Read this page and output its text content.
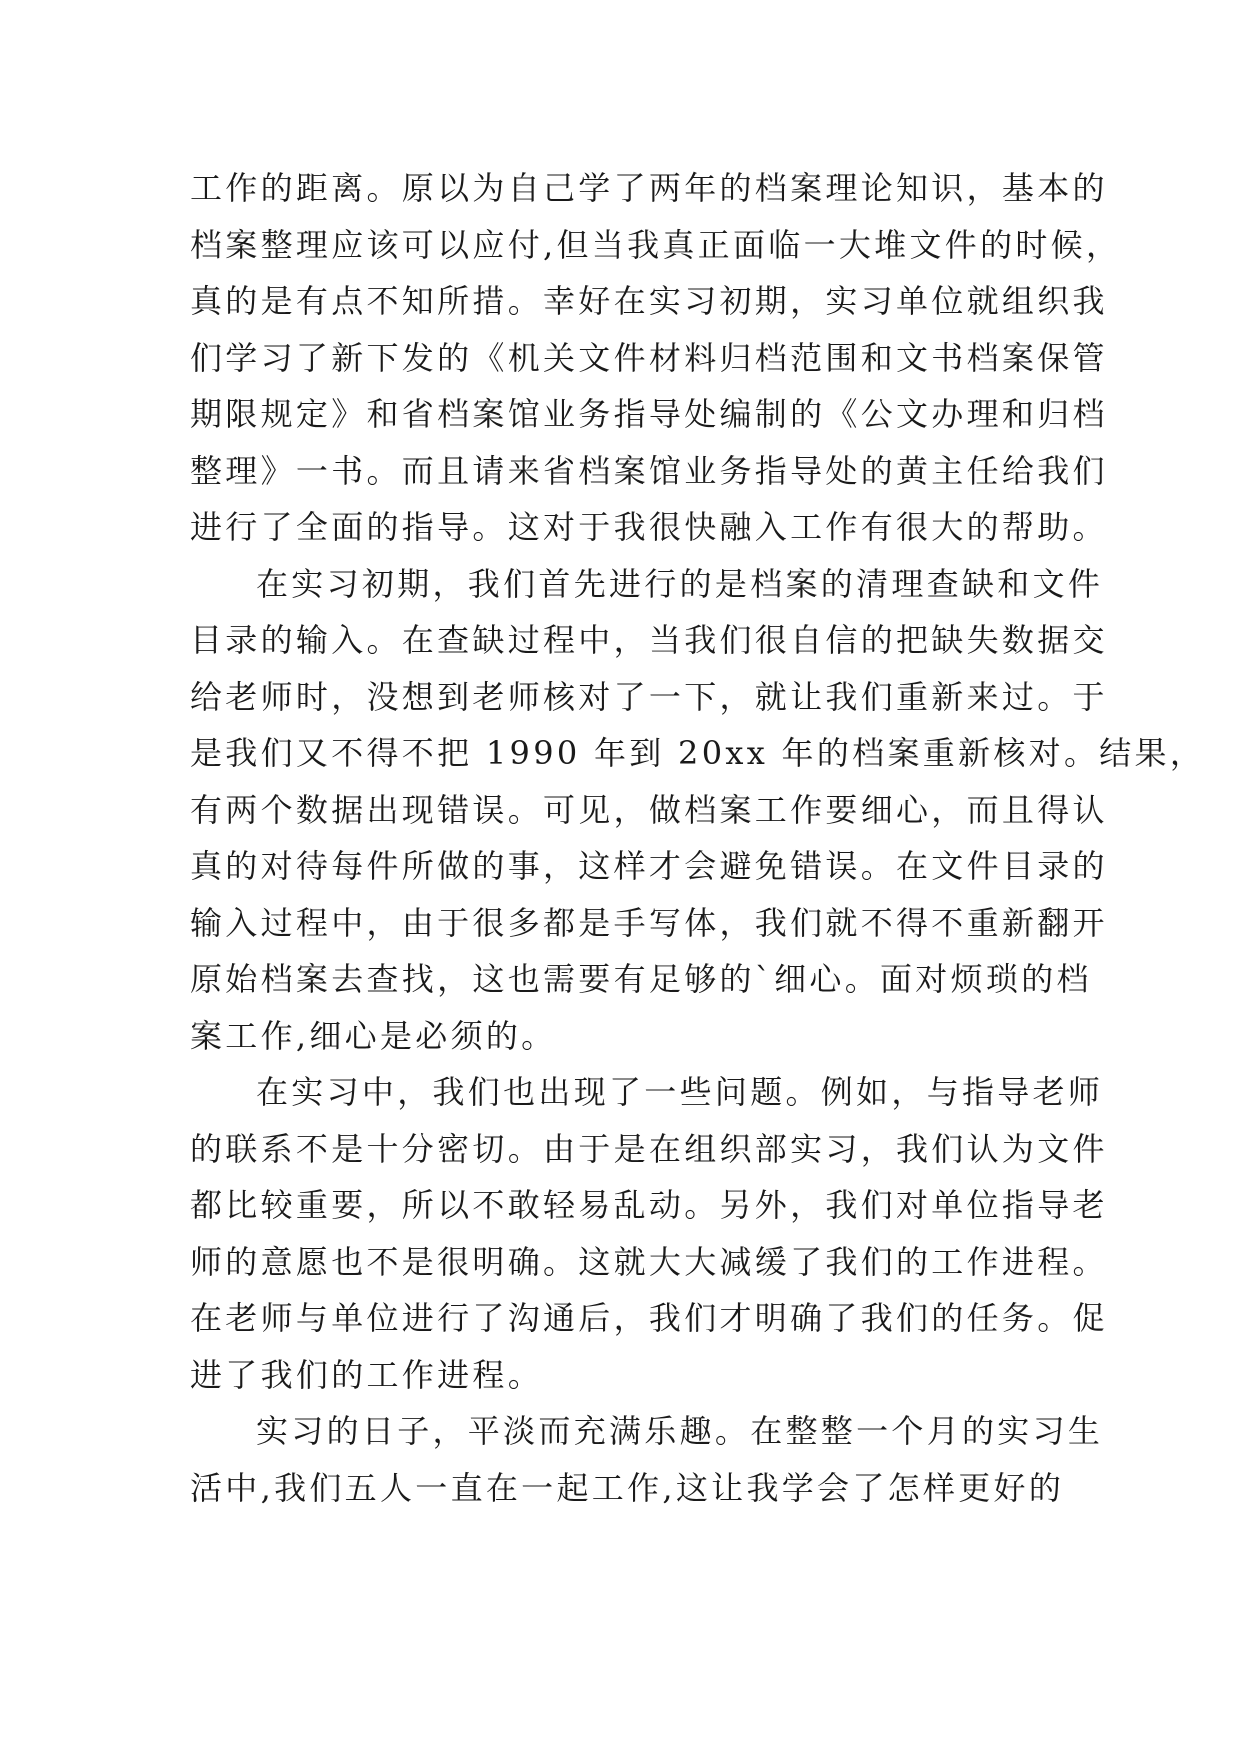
工作的距离。原以为自己学了两年的档案理论知识，基本的
档案整理应该可以应付,但当我真正面临一大堆文件的时候，
真的是有点不知所措。幸好在实习初期，实习单位就组织我
们学习了新下发的《机关文件材料归档范围和文书档案保管
期限规定》和省档案馆业务指导处编制的《公文办理和归档
整理》一书。而且请来省档案馆业务指导处的黄主任给我们
进行了全面的指导。这对于我很快融入工作有很大的帮助。
在实习初期，我们首先进行的是档案的清理查缺和文件
目录的输入。在查缺过程中，当我们很自信的把缺失数据交
给老师时，没想到老师核对了一下，就让我们重新来过。于
是我们又不得不把 1990 年到 20xx 年的档案重新核对。结果，
有两个数据出现错误。可见，做档案工作要细心，而且得认
真的对待每件所做的事，这样才会避免错误。在文件目录的
输入过程中，由于很多都是手写体，我们就不得不重新翻开
原始档案去查找，这也需要有足够的`细心。面对烦琐的档
案工作,细心是必须的。
在实习中，我们也出现了一些问题。例如，与指导老师
的联系不是十分密切。由于是在组织部实习，我们认为文件
都比较重要，所以不敢轻易乱动。另外，我们对单位指导老
师的意愿也不是很明确。这就大大减缓了我们的工作进程。
在老师与单位进行了沟通后，我们才明确了我们的任务。促
进了我们的工作进程。
实习的日子，平淡而充满乐趣。在整整一个月的实习生
活中,我们五人一直在一起工作,这让我学会了怎样更好的
